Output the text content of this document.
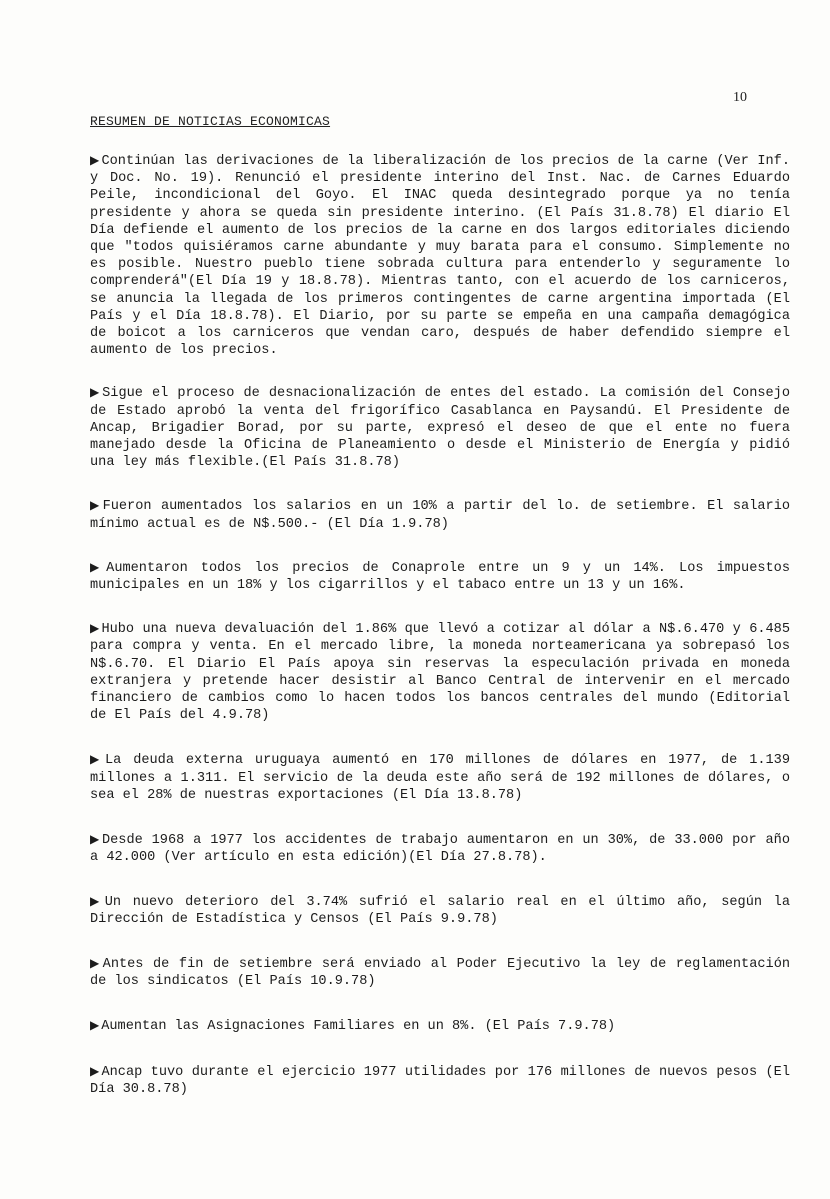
10
RESUMEN DE NOTICIAS ECONOMICAS

▶ Continúan las derivaciones de la liberalización de los precios de la carne (Ver Inf. y Doc. No. 19). Renunció el presidente interino del Inst. Nac. de Carnes Eduardo Peile, incondicional del Goyo. El INAC queda desintegrado porque ya no tenía presidente y ahora se queda sin presidente interino. (El País 31.8.78) El diario El Día defiende el aumento de los precios de la carne en dos largos editoriales diciendo que "todos quisiéramos carne abundante y muy barata para el consumo. Simplemente no es posible. Nuestro pueblo tiene sobrada cultura para entenderlo y seguramente lo comprenderá"(El Día 19 y 18.8.78). Mientras tanto, con el acuerdo de los carniceros, se anuncia la llegada de los primeros contingentes de carne argentina importada (El País y el Día 18.8.78). El Diario, por su parte se empeña en una campaña demagógica de boicot a los carniceros que vendan caro, después de haber defendido siempre el aumento de los precios.

▶ Sigue el proceso de desnacionalización de entes del estado. La comisión del Consejo de Estado aprobó la venta del frigorífico Casablanca en Paysandú. El Presidente de Ancap, Brigadier Borad, por su parte, expresó el deseo de que el ente no fuera manejado desde la Oficina de Planeamiento o desde el Ministerio de Energía y pidió una ley más flexible.(El País 31.8.78)

▶ Fueron aumentados los salarios en un 10% a partir del lo. de setiembre. El salario mínimo actual es de N$.500.- (El Día 1.9.78)

▶ Aumentaron todos los precios de Conaprole entre un 9 y un 14%. Los impuestos municipales en un 18% y los cigarrillos y el tabaco entre un 13 y un 16%.

▶ Hubo una nueva devaluación del 1.86% que llevó a cotizar al dólar a N$.6.470 y 6.485 para compra y venta. En el mercado libre, la moneda norteamericana ya sobrepasó los N$.6.70. El Diario El País apoya sin reservas la especulación privada en moneda extranjera y pretende hacer desistir al Banco Central de intervenir en el mercado financiero de cambios como lo hacen todos los bancos centrales del mundo (Editorial de El País del 4.9.78)

▶ La deuda externa uruguaya aumentó en 170 millones de dólares en 1977, de 1.139 millones a 1.311. El servicio de la deuda este año será de 192 millones de dólares, o sea el 28% de nuestras exportaciones (El Día 13.8.78)

▶ Desde 1968 a 1977 los accidentes de trabajo aumentaron en un 30%, de 33.000 por año a 42.000 (Ver artículo en esta edición)(El Día 27.8.78).

▶ Un nuevo deterioro del 3.74% sufrió el salario real en el último año, según la Dirección de Estadística y Censos (El País 9.9.78)

▶ Antes de fin de setiembre será enviado al Poder Ejecutivo la ley de reglamentación de los sindicatos (El País 10.9.78)

▶ Aumentan las Asignaciones Familiares en un 8%. (El País 7.9.78)

▶ Ancap tuvo durante el ejercicio 1977 utilidades por 176 millones de nuevos pesos (El Día 30.8.78)
